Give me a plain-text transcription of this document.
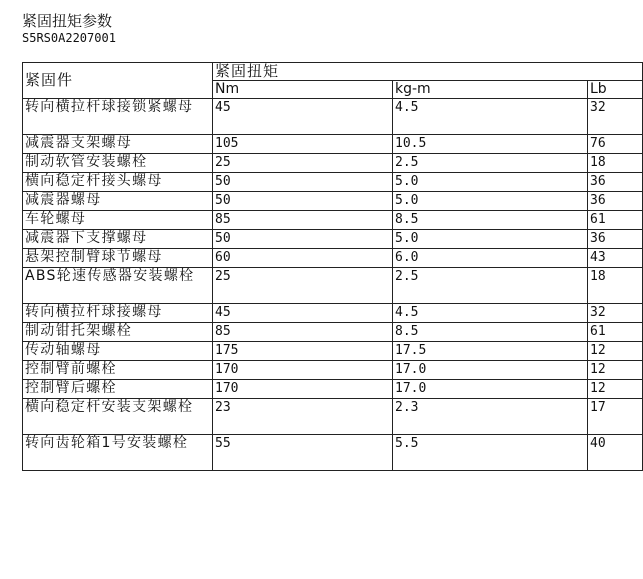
紧固扭矩参数
S5RS0A2207001
紧固件	紧固扭矩		
	Nm	kg-m	Lb
转向横拉杆球接锁紧螺母	45	4.5	32
减震器支架螺母	105	10.5	76
制动软管安装螺栓	25	2.5	18
横向稳定杆接头螺母	50	5.0	36
减震器螺母	50	5.0	36
车轮螺母	85	8.5	61
减震器下支撑螺母	50	5.0	36
悬架控制臂球节螺母	60	6.0	43
ABS轮速传感器安装螺栓	25	2.5	18
转向横拉杆球接螺母	45	4.5	32
制动钳托架螺栓	85	8.5	61
传动轴螺母	175	17.5	12
控制臂前螺栓	170	17.0	12
控制臂后螺栓	170	17.0	12
横向稳定杆安装支架螺栓	23	2.3	17
转向齿轮箱1号安装螺栓	55	5.5	40
